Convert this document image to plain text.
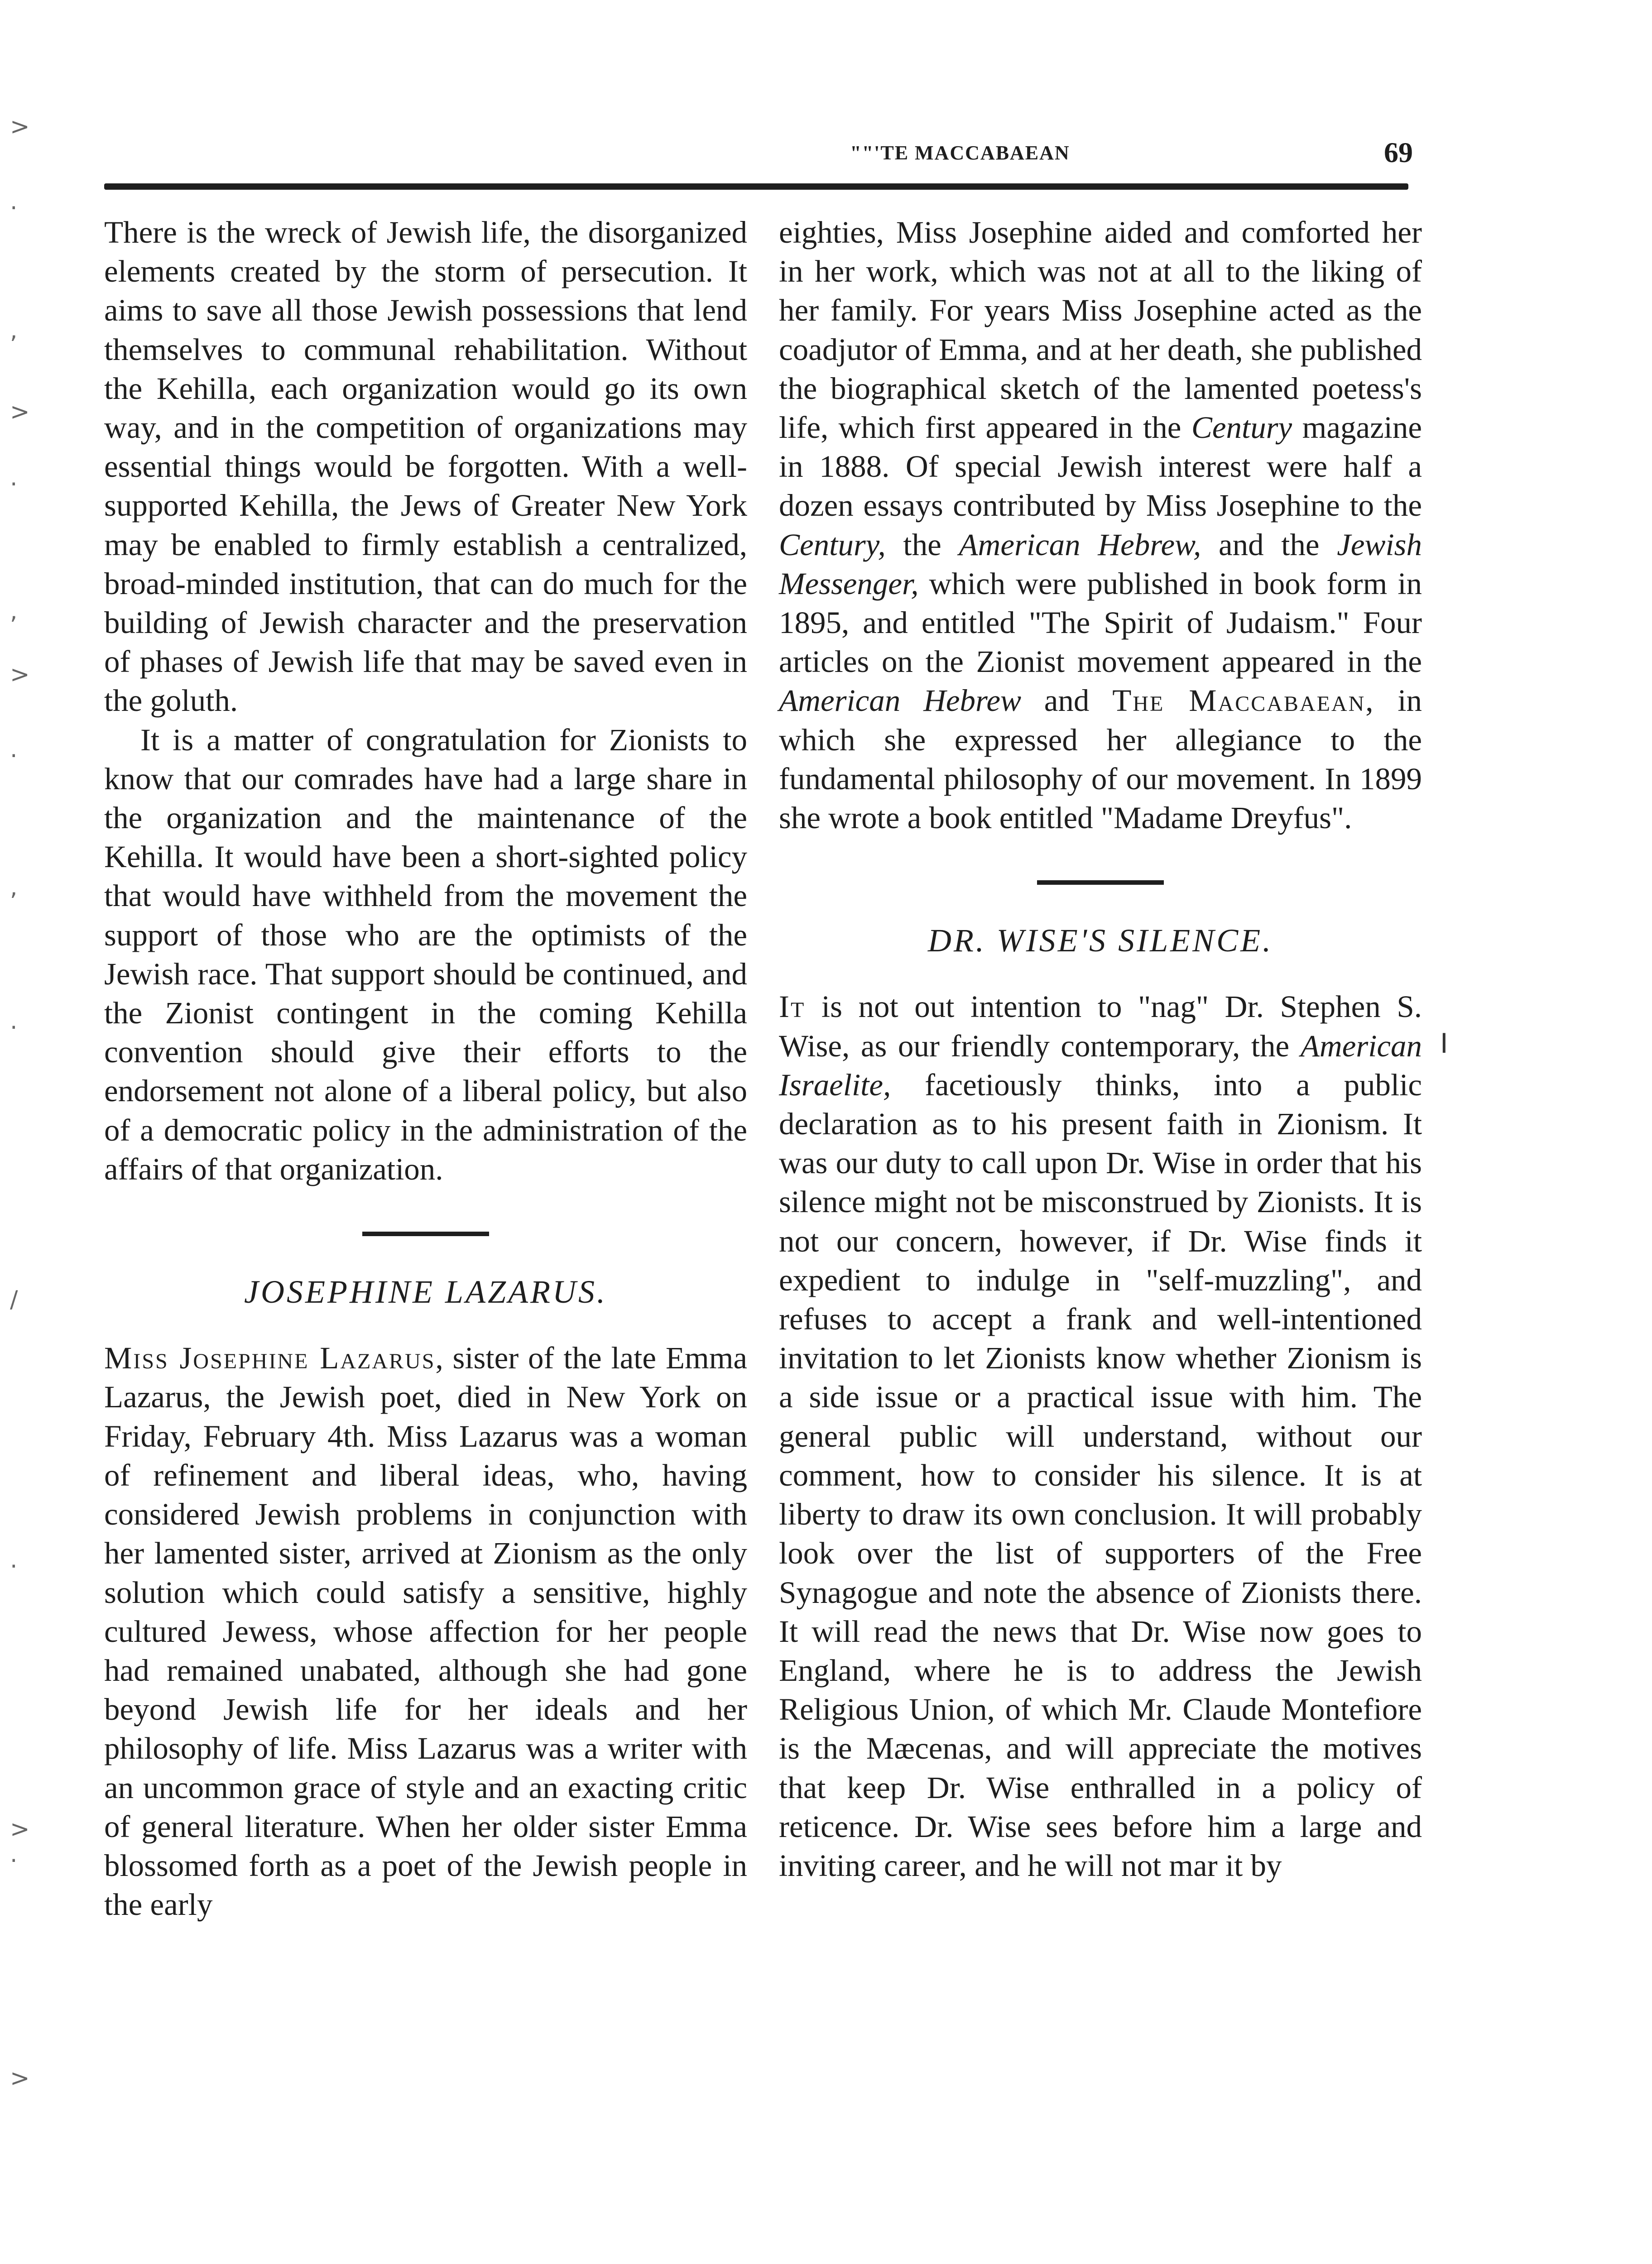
>
·
,
>
·
,
>
·
,
·
/
·
>
·
>
""'TE MACCABAEAN	69

There is the wreck of Jewish life, the disorganized elements created by the storm of persecution. It aims to save all those Jewish possessions that lend themselves to communal rehabilitation. Without the Kehilla, each organization would go its own way, and in the competition of organizations may essential things would be forgotten. With a well-supported Kehilla, the Jews of Greater New York may be enabled to firmly establish a centralized, broad-minded institution, that can do much for the building of Jewish character and the preservation of phases of Jewish life that may be saved even in the goluth.

It is a matter of congratulation for Zionists to know that our comrades have had a large share in the organization and the maintenance of the Kehilla. It would have been a short-sighted policy that would have withheld from the movement the support of those who are the optimists of the Jewish race. That support should be continued, and the Zionist contingent in the coming Kehilla convention should give their efforts to the endorsement not alone of a liberal policy, but also of a democratic policy in the administration of the affairs of that organization.

JOSEPHINE LAZARUS.

Miss Josephine Lazarus, sister of the late Emma Lazarus, the Jewish poet, died in New York on Friday, February 4th. Miss Lazarus was a woman of refinement and liberal ideas, who, having considered Jewish problems in conjunction with her lamented sister, arrived at Zionism as the only solution which could satisfy a sensitive, highly cultured Jewess, whose affection for her people had remained unabated, although she had gone beyond Jewish life for her ideals and her philosophy of life. Miss Lazarus was a writer with an uncommon grace of style and an exacting critic of general literature. When her older sister Emma blossomed forth as a poet of the Jewish people in the early

eighties, Miss Josephine aided and comforted her in her work, which was not at all to the liking of her family. For years Miss Josephine acted as the coadjutor of Emma, and at her death, she published the biographical sketch of the lamented poetess's life, which first appeared in the Century magazine in 1888. Of special Jewish interest were half a dozen essays contributed by Miss Josephine to the Century, the American Hebrew, and the Jewish Messenger, which were published in book form in 1895, and entitled "The Spirit of Judaism." Four articles on the Zionist movement appeared in the American Hebrew and The Maccabaean, in which she expressed her allegiance to the fundamental philosophy of our movement. In 1899 she wrote a book entitled "Madame Dreyfus".

DR. WISE'S SILENCE.

It is not out intention to "nag" Dr. Stephen S. Wise, as our friendly contemporary, the American Israelite, facetiously thinks, into a public declaration as to his present faith in Zionism. It was our duty to call upon Dr. Wise in order that his silence might not be misconstrued by Zionists. It is not our concern, however, if Dr. Wise finds it expedient to indulge in "self-muzzling", and refuses to accept a frank and well-intentioned invitation to let Zionists know whether Zionism is a side issue or a practical issue with him. The general public will understand, without our comment, how to consider his silence. It is at liberty to draw its own conclusion. It will probably look over the list of supporters of the Free Synagogue and note the absence of Zionists there. It will read the news that Dr. Wise now goes to England, where he is to address the Jewish Religious Union, of which Mr. Claude Montefiore is the Mæcenas, and will appreciate the motives that keep Dr. Wise enthralled in a policy of reticence. Dr. Wise sees before him a large and inviting career, and he will not mar it by

I
